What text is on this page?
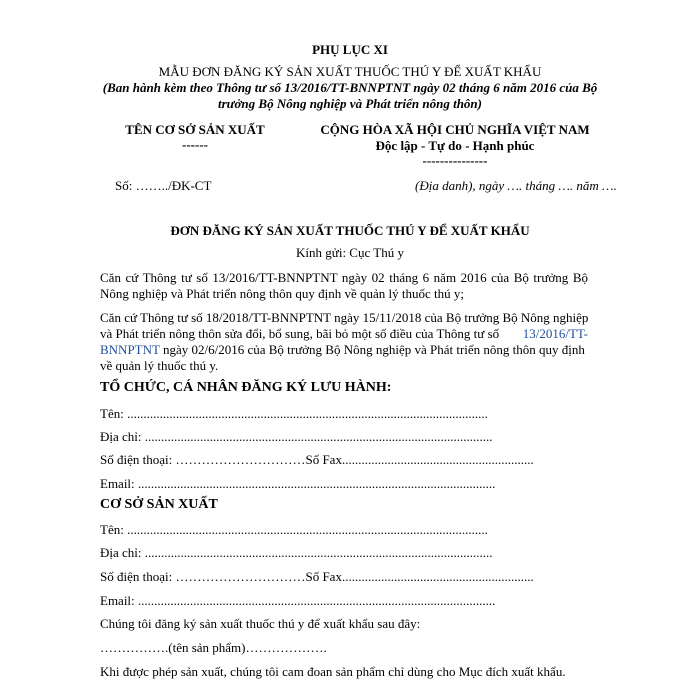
PHỤ LỤC XI
MẪU ĐƠN ĐĂNG KÝ SẢN XUẤT THUỐC THÚ Y ĐỂ XUẤT KHẨU
(Ban hành kèm theo Thông tư số 13/2016/TT-BNNPTNT ngày 02 tháng 6 năm 2016 của Bộ
trưởng Bộ Nông nghiệp và Phát triển nông thôn)
TÊN CƠ SỞ SẢN XUẤT
------
CỘNG HÒA XÃ HỘI CHỦ NGHĨA VIỆT NAM
Độc lập - Tự do - Hạnh phúc
---------------
Số: ……../ĐK-CT	(Địa danh), ngày …. tháng …. năm ….
ĐƠN ĐĂNG KÝ SẢN XUẤT THUỐC THÚ Y ĐỂ XUẤT KHẨU
Kính gửi: Cục Thú y
Căn cứ Thông tư số 13/2016/TT-BNNPTNT ngày 02 tháng 6 năm 2016 của Bộ trưởng Bộ
Nông nghiệp và Phát triển nông thôn quy định về quản lý thuốc thú y;
Căn cứ Thông tư số 18/2018/TT-BNNPTNT ngày 15/11/2018 của Bộ trưởng Bộ Nông nghiệp
và Phát triển nông thôn sửa đổi, bổ sung, bãi bỏ một số điều của Thông tư số 13/2016/TT-
BNNPTNT ngày 02/6/2016 của Bộ trưởng Bộ Nông nghiệp và Phát triển nông thôn quy định
về quản lý thuốc thú y.
TỔ CHỨC, CÁ NHÂN ĐĂNG KÝ LƯU HÀNH:
Tên: ...............................................................................................................
Địa chỉ: ...........................................................................................................
Số điện thoại: …………………………Số Fax...........................................................
Email: ..............................................................................................................
CƠ SỞ SẢN XUẤT
Tên: ...............................................................................................................
Địa chỉ: ...........................................................................................................
Số điện thoại: …………………………Số Fax...........................................................
Email: ..............................................................................................................
Chúng tôi đăng ký sản xuất thuốc thú y để xuất khẩu sau đây:
…………….(tên sản phẩm)……………….
Khi được phép sản xuất, chúng tôi cam đoan sản phẩm chỉ dùng cho Mục đích xuất khẩu.
